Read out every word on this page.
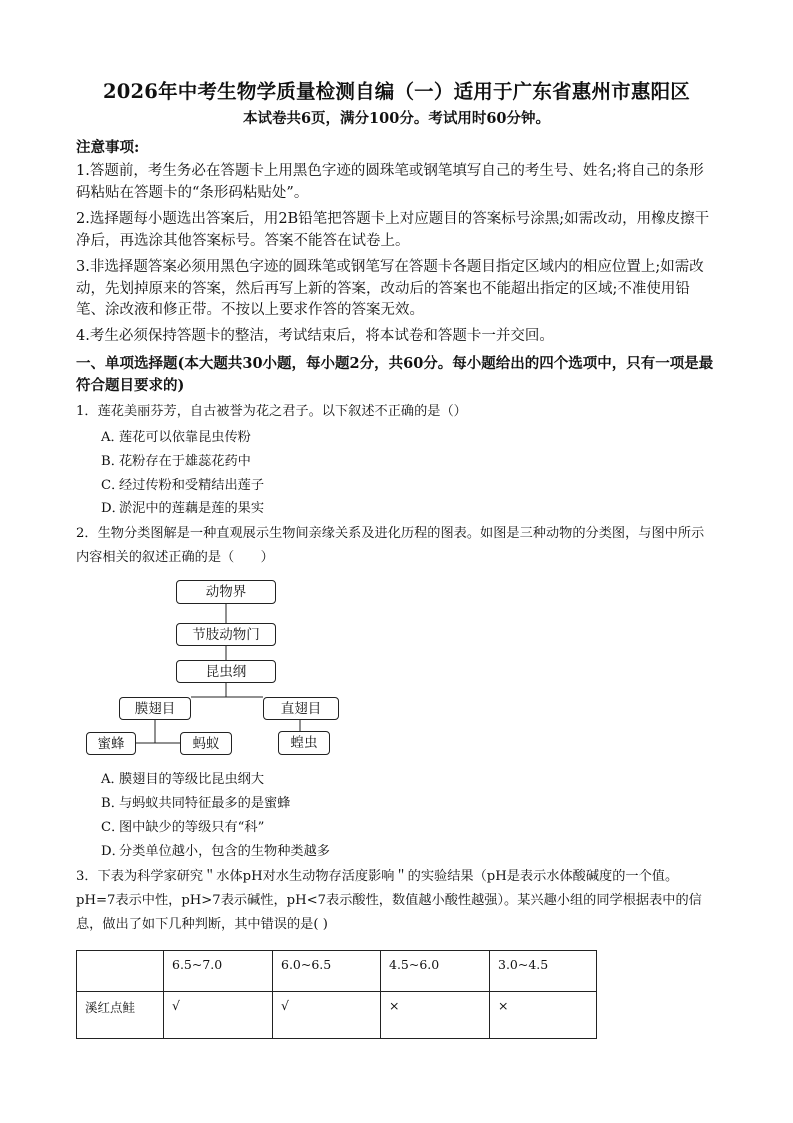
2026年中考生物学质量检测自编（一）适用于广东省惠州市惠阳区
本试卷共6页，满分100分。考试用时60分钟。
注意事项:
1.答题前，考生务必在答题卡上用黑色字迹的圆珠笔或钢笔填写自己的考生号、姓名;将自己的条形码粘贴在答题卡的“条形码粘贴处”。
2.选择题每小题选出答案后，用2B铅笔把答题卡上对应题目的答案标号涂黑;如需改动，用橡皮擦干净后，再选涂其他答案标号。答案不能答在试卷上。
3.非选择题答案必须用黑色字迹的圆珠笔或钢笔写在答题卡各题目指定区域内的相应位置上;如需改动，先划掉原来的答案，然后再写上新的答案，改动后的答案也不能超出指定的区域;不准使用铅笔、涂改液和修正带。不按以上要求作答的答案无效。
4.考生必须保持答题卡的整洁，考试结束后，将本试卷和答题卡一并交回。
一、单项选择题(本大题共30小题，每小题2分，共60分。每小题给出的四个选项中，只有一项是最符合题目要求的)
1．莲花美丽芬芳，自古被誉为花之君子。以下叙述不正确的是（）
A．莲花可以依靠昆虫传粉
B．花粉存在于雄蕊花药中
C．经过传粉和受精结出莲子
D．淤泥中的莲藕是莲的果实
2．生物分类图解是一种直观展示生物间亲缘关系及进化历程的图表。如图是三种动物的分类图，与图中所示内容相关的叙述正确的是（　　）
动物界
节肢动物门
昆虫纲
膜翅目	直翅目
蜜蜂	蚂蚁	蝗虫
A．膜翅目的等级比昆虫纲大
B．与蚂蚁共同特征最多的是蜜蜂
C．图中缺少的等级只有“科”
D．分类单位越小，包含的生物种类越多
3．下表为科学家研究＂水体pH对水生动物存活度影响＂的实验结果（pH是表示水体酸碱度的一个值。pH=7表示中性，pH>7表示碱性，pH<7表示酸性，数值越小酸性越强）。某兴趣小组的同学根据表中的信息，做出了如下几种判断，其中错误的是( )
	6.5~7.0	6.0~6.5	4.5~6.0	3.0~4.5
溪红点鲑	√	√	×	×
